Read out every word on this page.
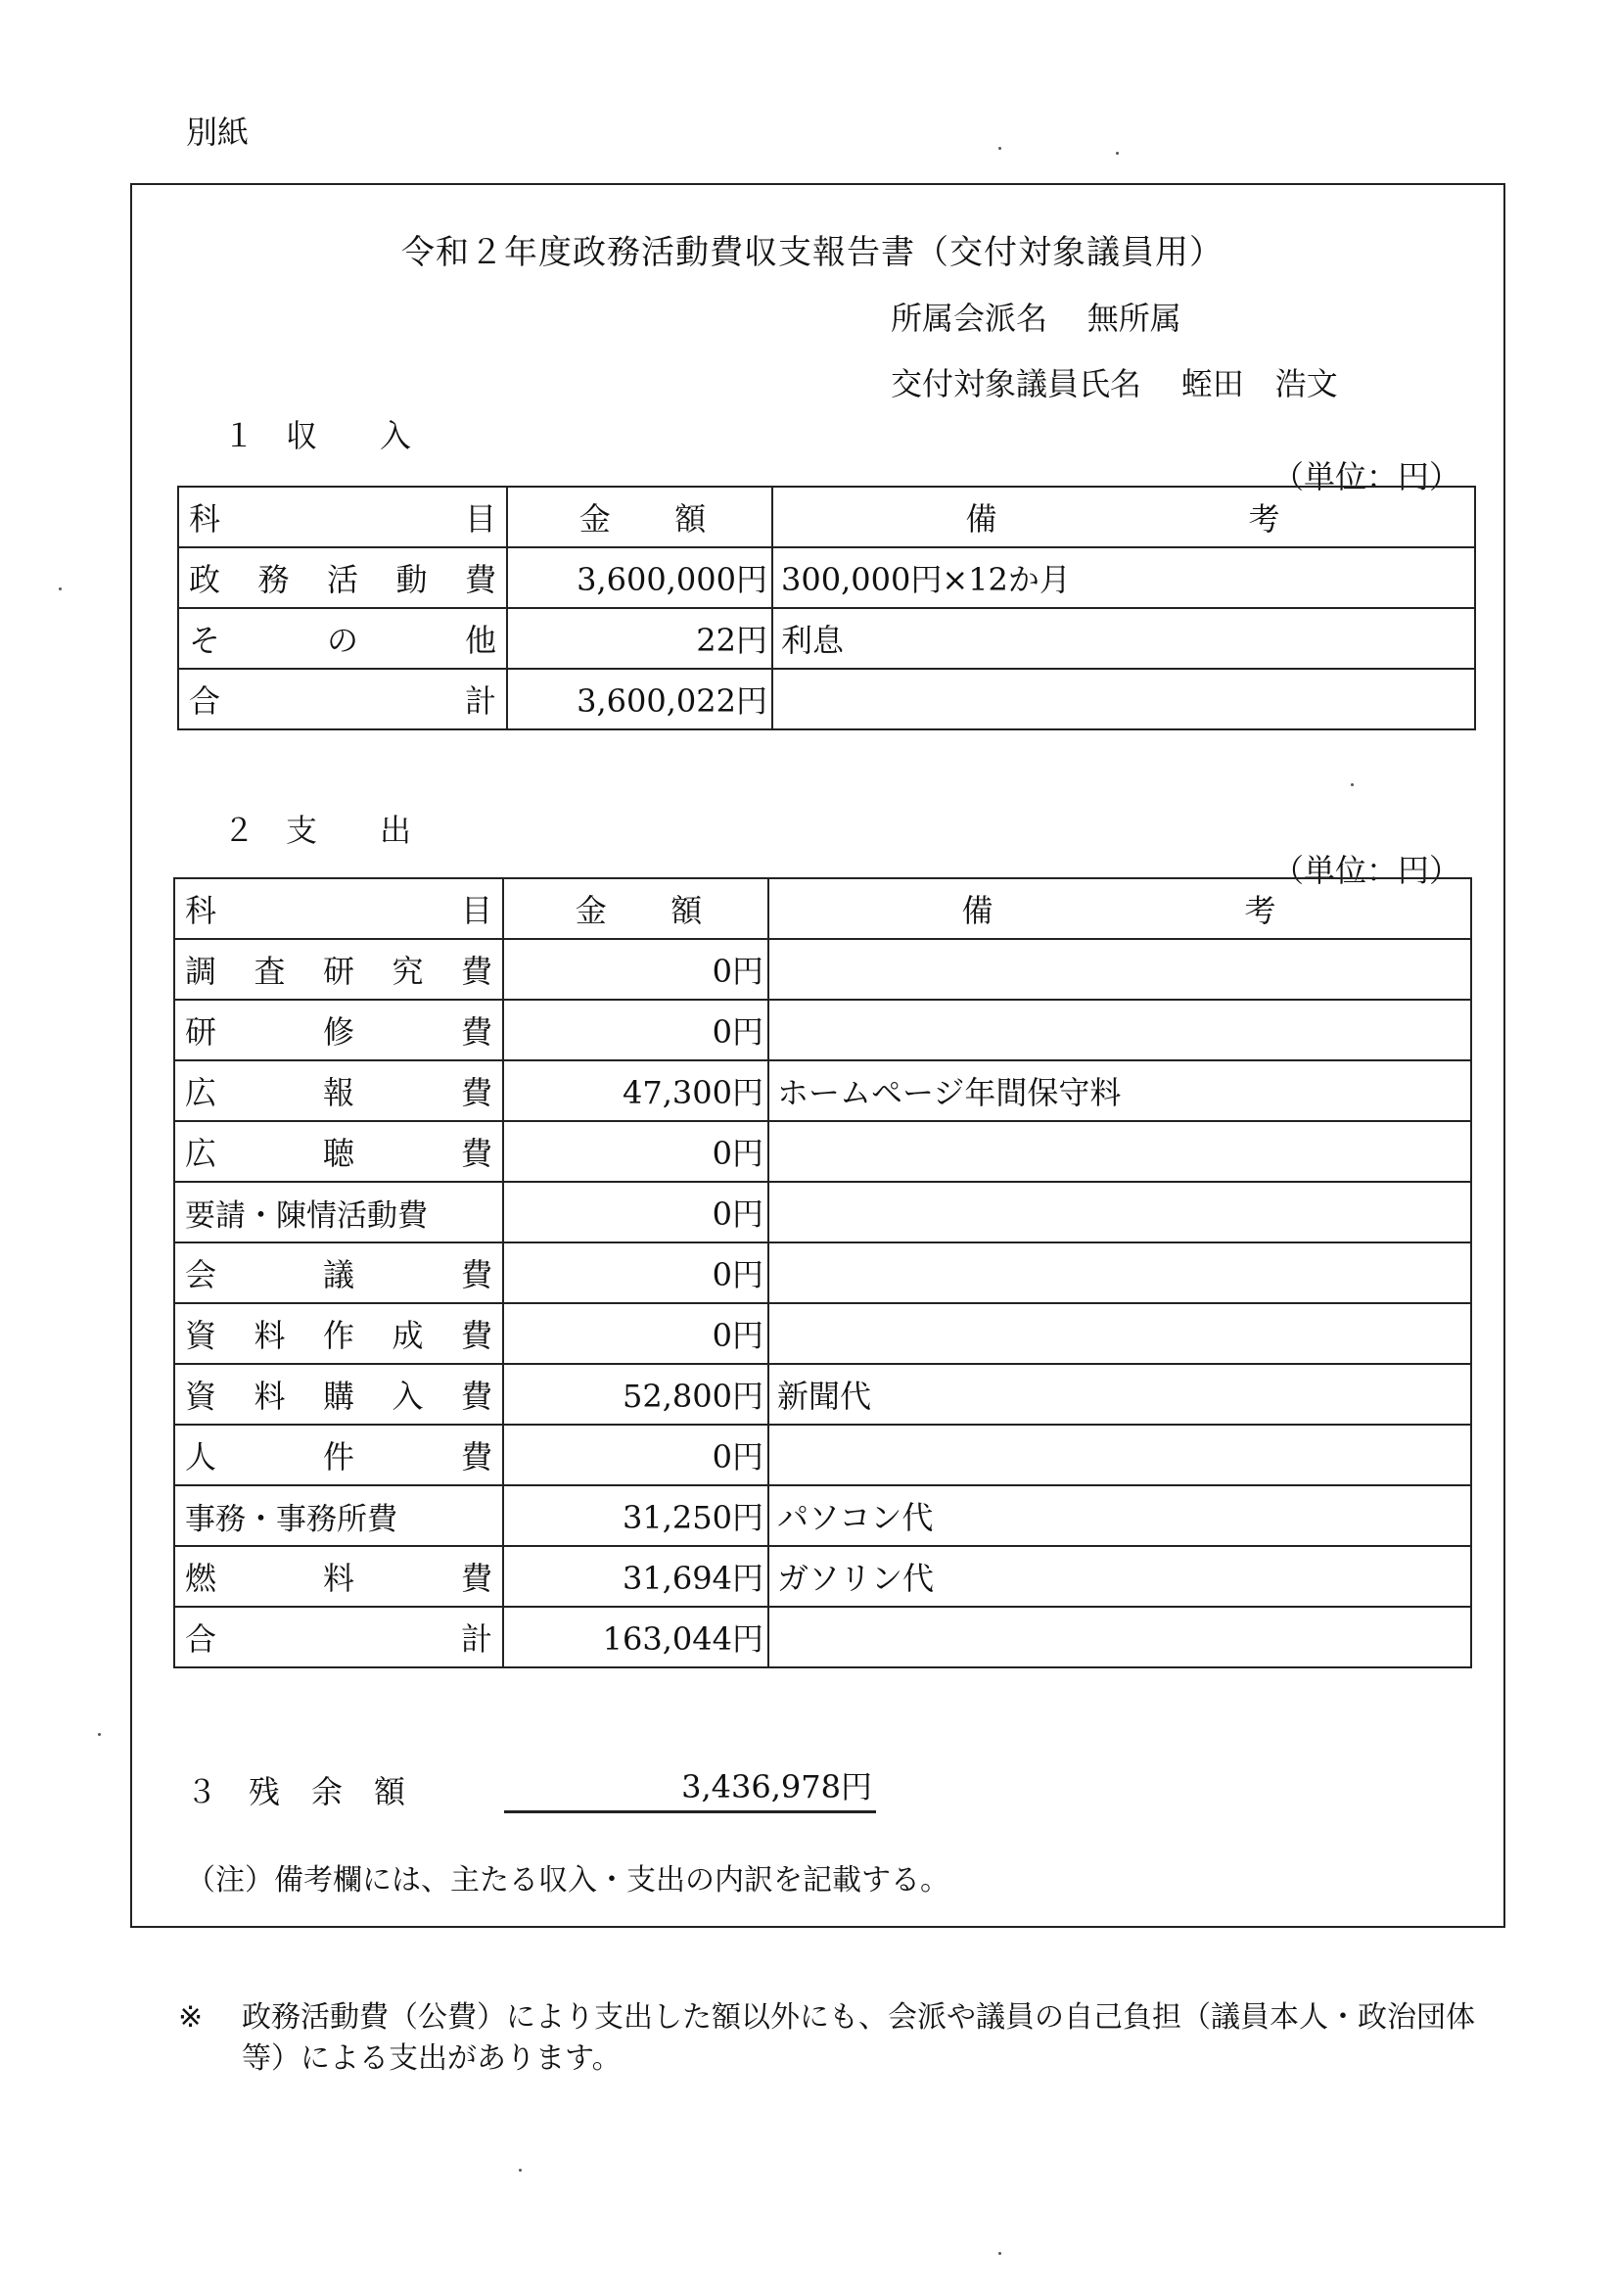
別紙
令和２年度政務活動費収支報告書（交付対象議員用）
所属会派名 無所属
交付対象議員氏名 蛭田　浩文
１　収　　入
（単位：円）
科 目	金 額	備 考

政 務 活 動 費	3,600,000円	300,000円×12か月

そ の 他	22円	利息

合 計	3,600,022円	
２　支　　出
（単位：円）
科 目	金 額	備 考

調 査 研 究 費	0円	

研 修 費	0円	

広 報 費	47,300円	ホームページ年間保守料

広 聴 費	0円	
要請・陳情活動費	0円	

会 議 費	0円	

資 料 作 成 費	0円	

資 料 購 入 費	52,800円	新聞代

人 件 費	0円	
事務・事務所費	31,250円	パソコン代

燃 料 費	31,694円	ガソリン代

合 計	163,044円	
３　残　余　額	3,436,978円
（注）備考欄には、主たる収入・支出の内訳を記載する。
※ 政務活動費（公費）により支出した額以外にも、会派や議員の自己負担（議員本人・政治団体等）による支出があります。
